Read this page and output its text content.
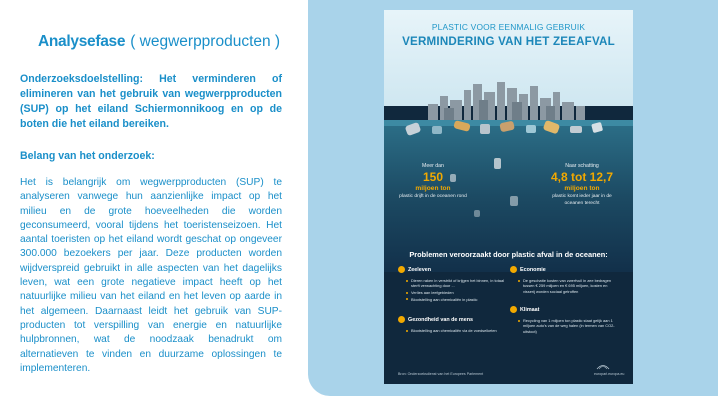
Analysefase ( wegwerpproducten )

Onderzoeksdoelstelling: Het verminderen of elimineren van het gebruik van wegwerpproducten (SUP) op het eiland Schiermonnikoog en op de boten die het eiland bereiken.

Belang van het onderzoek:

Het is belangrijk om wegwerpproducten (SUP) te analyseren vanwege hun aanzienlijke impact op het milieu en de grote hoeveelheden die worden geconsumeerd, vooral tijdens het toeristenseizoen. Het aantal toeristen op het eiland wordt geschat op ongeveer 300.000 bezoekers per jaar. Deze producten worden wijdverspreid gebruikt in alle aspecten van het dagelijks leven, wat een grote negatieve impact heeft op het natuurlijke milieu van het eiland en het leven op aarde in het algemeen. Daarnaast leidt het gebruik van SUP-producten tot verspilling van energie en natuurlijke hulpbronnen, wat de noodzaak benadrukt om alternatieven te vinden en duurzame oplossingen te implementeren.

PLASTIC VOOR EENMALIG GEBRUIK
VERMINDERING VAN HET ZEEAFVAL
Meer dan
150
miljoen ton
plastic drijft in de oceanen rond
Naar schatting
4,8 tot 12,7
miljoen ton
plastic komt ieder jaar in de oceanen terecht
Problemen veroorzaakt door plastic afval in de oceanen:
Zeeleven
Dieren raken in verstrikt of krijgen het binnen, in totaal sterft verwachting door ...
Verlies aan leefgebieden
Blootstelling aan chemicaliën in plastic
Economie
De geschatte kosten van zwerfvuil in zee bedragen tussen € 259 miljoen en € 695 miljoen, kosten en visserij worden sociaal getroffen
Gezondheid van de mens
Blootstelling aan chemicaliën via de voedselketen
Klimaat
Recycling van 1 miljoen ton plastic staat gelijk aan 1 miljoen auto's van de weg halen (in termen van CO2-uitstoot)
Bron: Onderzoeksdienst van het Europees Parlement	europarl.europa.eu
